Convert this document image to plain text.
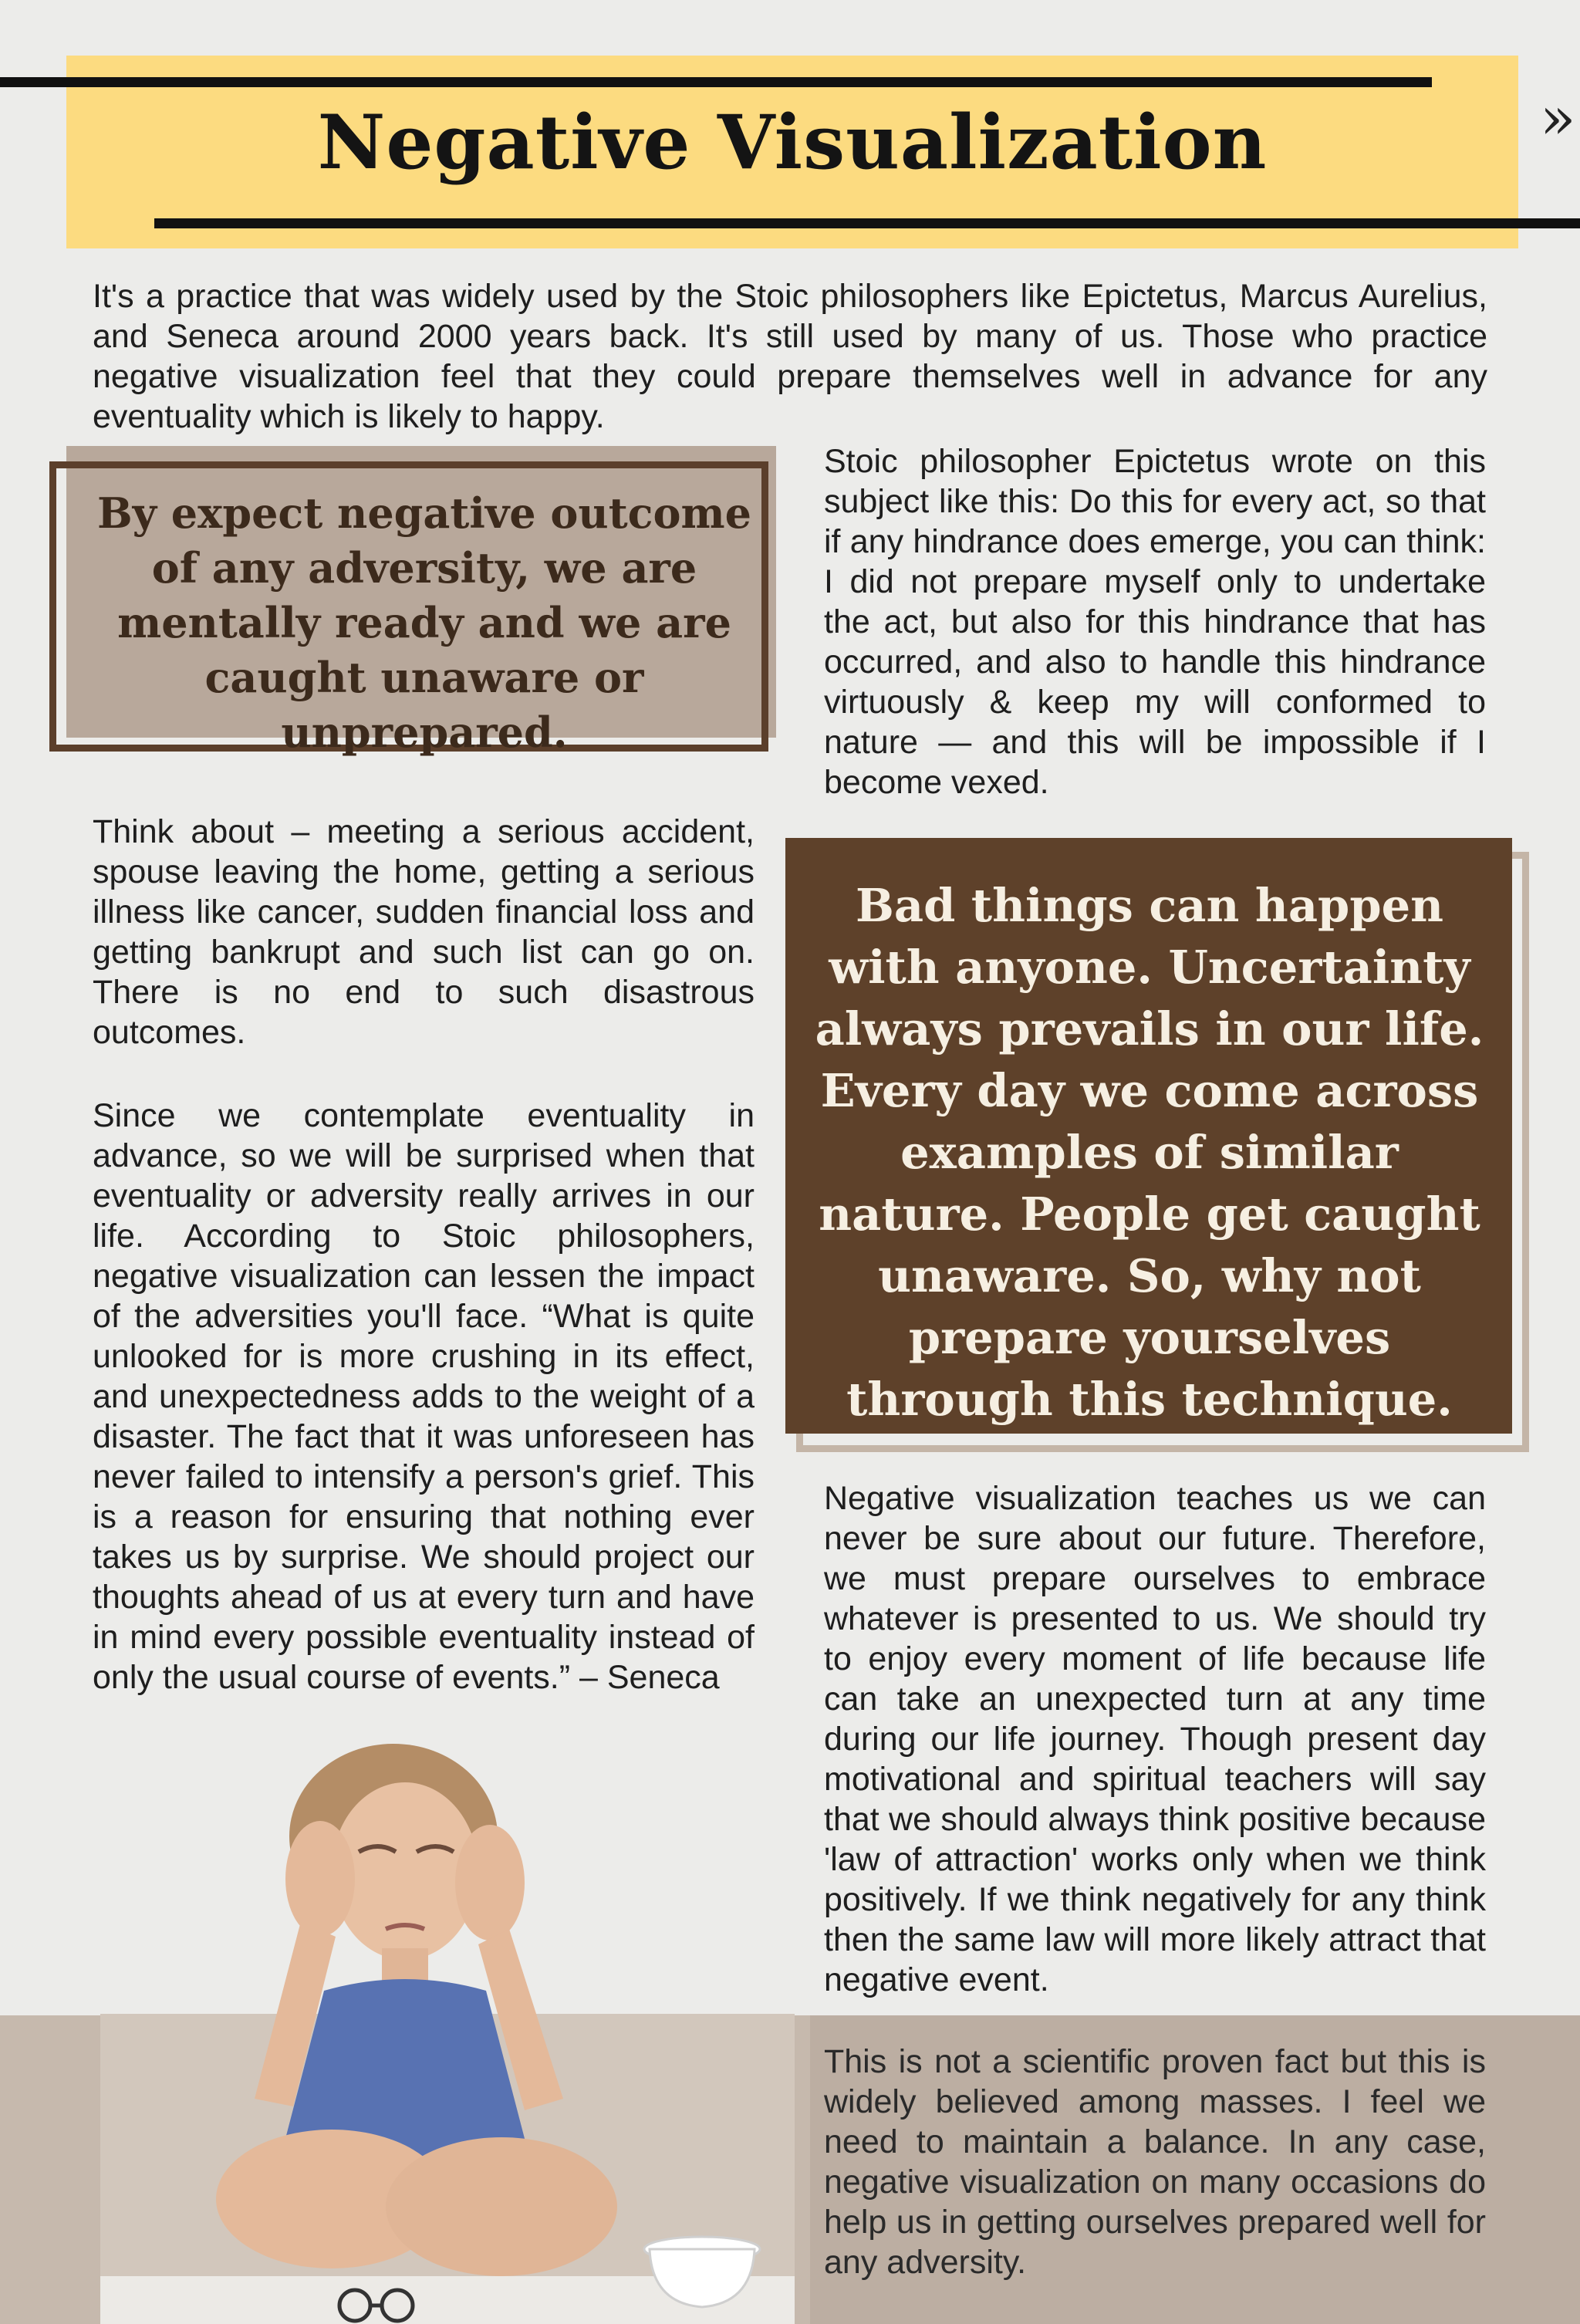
Negative Visualization	»

It's a practice that was widely used by the Stoic philosophers like Epictetus, Marcus Aurelius, and Seneca around 2000 years back. It's still used by many of us. Those who practice negative visualization feel that they could prepare themselves well in advance for any eventuality which is likely to happy.

By expect negative outcome of any adversity, we are mentally ready and we are caught unaware or unprepared.

Stoic philosopher Epictetus wrote on this subject like this: Do this for every act, so that if any hindrance does emerge, you can think: I did not prepare myself only to undertake the act, but also for this hindrance that has occurred, and also to handle this hindrance virtuously & keep my will conformed to nature — and this will be impossible if I become vexed.

Think about – meeting a serious accident, spouse leaving the home, getting a serious illness like cancer, sudden financial loss and getting bankrupt and such list can go on. There is no end to such disastrous outcomes.

Since we contemplate eventuality in advance, so we will be surprised when that eventuality or adversity really arrives in our life. According to Stoic philosophers, negative visualization can lessen the impact of the adversities you'll face. “What is quite unlooked for is more crushing in its effect, and unexpectedness adds to the weight of a disaster. The fact that it was unforeseen has never failed to intensify a person's grief. This is a reason for ensuring that nothing ever takes us by surprise. We should project our thoughts ahead of us at every turn and have in mind every possible eventuality instead of only the usual course of events.” – Seneca

Bad things can happen with anyone. Uncertainty always prevails in our life. Every day we come across examples of similar nature. People get caught unaware. So, why not prepare yourselves through this technique.

Negative visualization teaches us we can never be sure about our future. Therefore, we must prepare ourselves to embrace whatever is presented to us. We should try to enjoy every moment of life because life can take an unexpected turn at any time during our life journey. Though present day motivational and spiritual teachers will say that we should always think positive because 'law of attraction' works only when we think positively. If we think negatively for any think then the same law will more likely attract that negative event.

This is not a scientific proven fact but this is widely believed among masses. I feel we need to maintain a balance. In any case, negative visualization on many occasions do help us in getting ourselves prepared well for any adversity.
